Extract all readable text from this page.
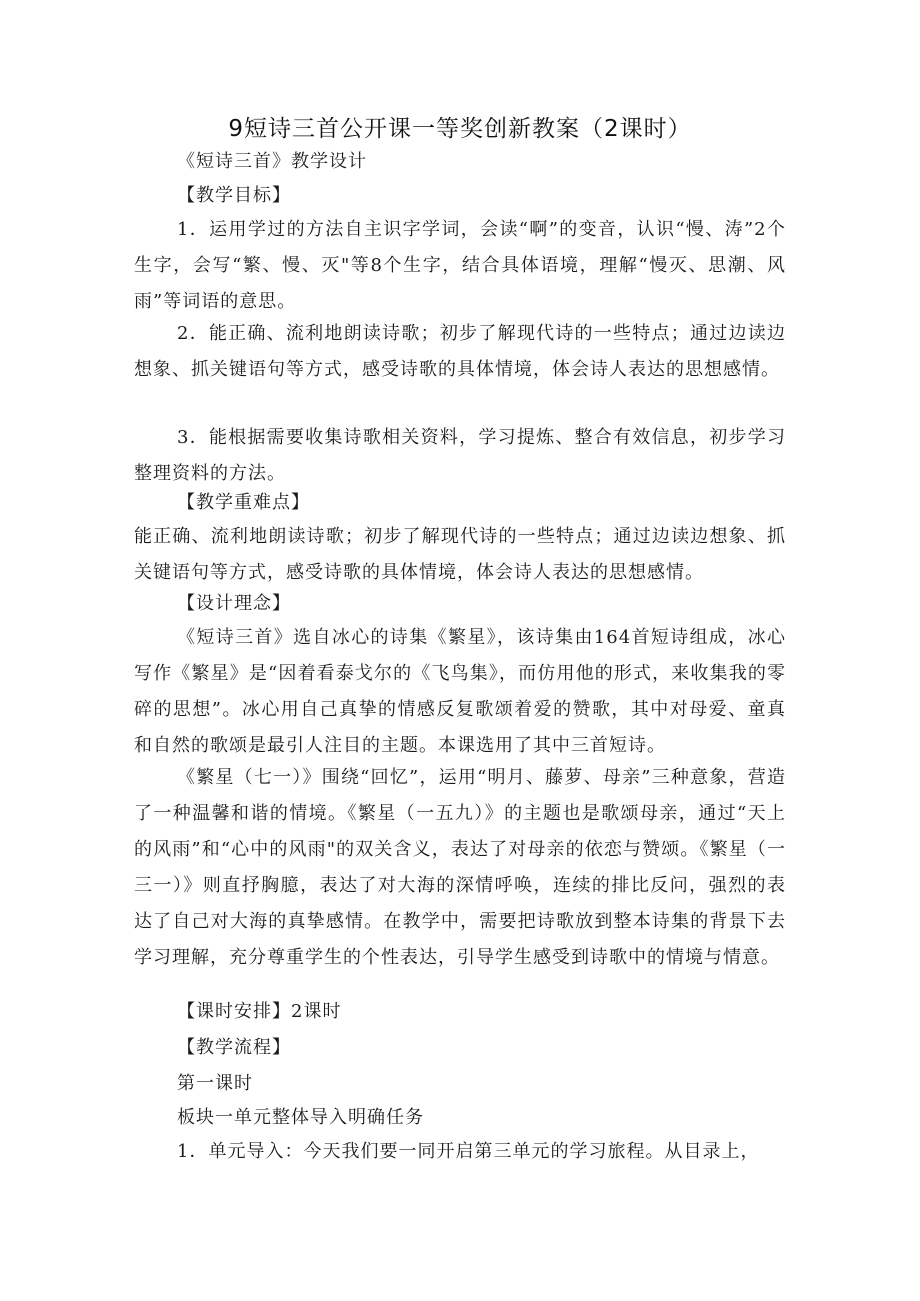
9短诗三首公开课一等奖创新教案（2课时）
《短诗三首》教学设计
【教学目标】
1．运用学过的方法自主识字学词，会读“啊”的变音，认识“慢、涛”2个生字，会写“繁、慢、灭"等8个生字，结合具体语境，理解“慢灭、思潮、风雨”等词语的意思。
2．能正确、流利地朗读诗歌；初步了解现代诗的一些特点；通过边读边想象、抓关键语句等方式，感受诗歌的具体情境，体会诗人表达的思想感情。
3．能根据需要收集诗歌相关资料，学习提炼、整合有效信息，初步学习整理资料的方法。
【教学重难点】
能正确、流利地朗读诗歌；初步了解现代诗的一些特点；通过边读边想象、抓关键语句等方式，感受诗歌的具体情境，体会诗人表达的思想感情。
【设计理念】
《短诗三首》选自冰心的诗集《繁星》，该诗集由164首短诗组成，冰心写作《繁星》是“因着看泰戈尔的《飞鸟集》，而仿用他的形式，来收集我的零碎的思想”。冰心用自己真挚的情感反复歌颂着爱的赞歌，其中对母爱、童真和自然的歌颂是最引人注目的主题。本课选用了其中三首短诗。
《繁星（七一）》围绕“回忆”，运用“明月、藤萝、母亲”三种意象，营造了一种温馨和谐的情境。《繁星（一五九）》的主题也是歌颂母亲，通过“天上的风雨”和“心中的风雨"的双关含义，表达了对母亲的依恋与赞颂。《繁星（一三一）》则直抒胸臆，表达了对大海的深情呼唤，连续的排比反问，强烈的表达了自己对大海的真挚感情。在教学中，需要把诗歌放到整本诗集的背景下去学习理解，充分尊重学生的个性表达，引导学生感受到诗歌中的情境与情意。
【课时安排】2课时
【教学流程】
第一课时
板块一单元整体导入明确任务
1．单元导入：今天我们要一同开启第三单元的学习旅程。从目录上，
